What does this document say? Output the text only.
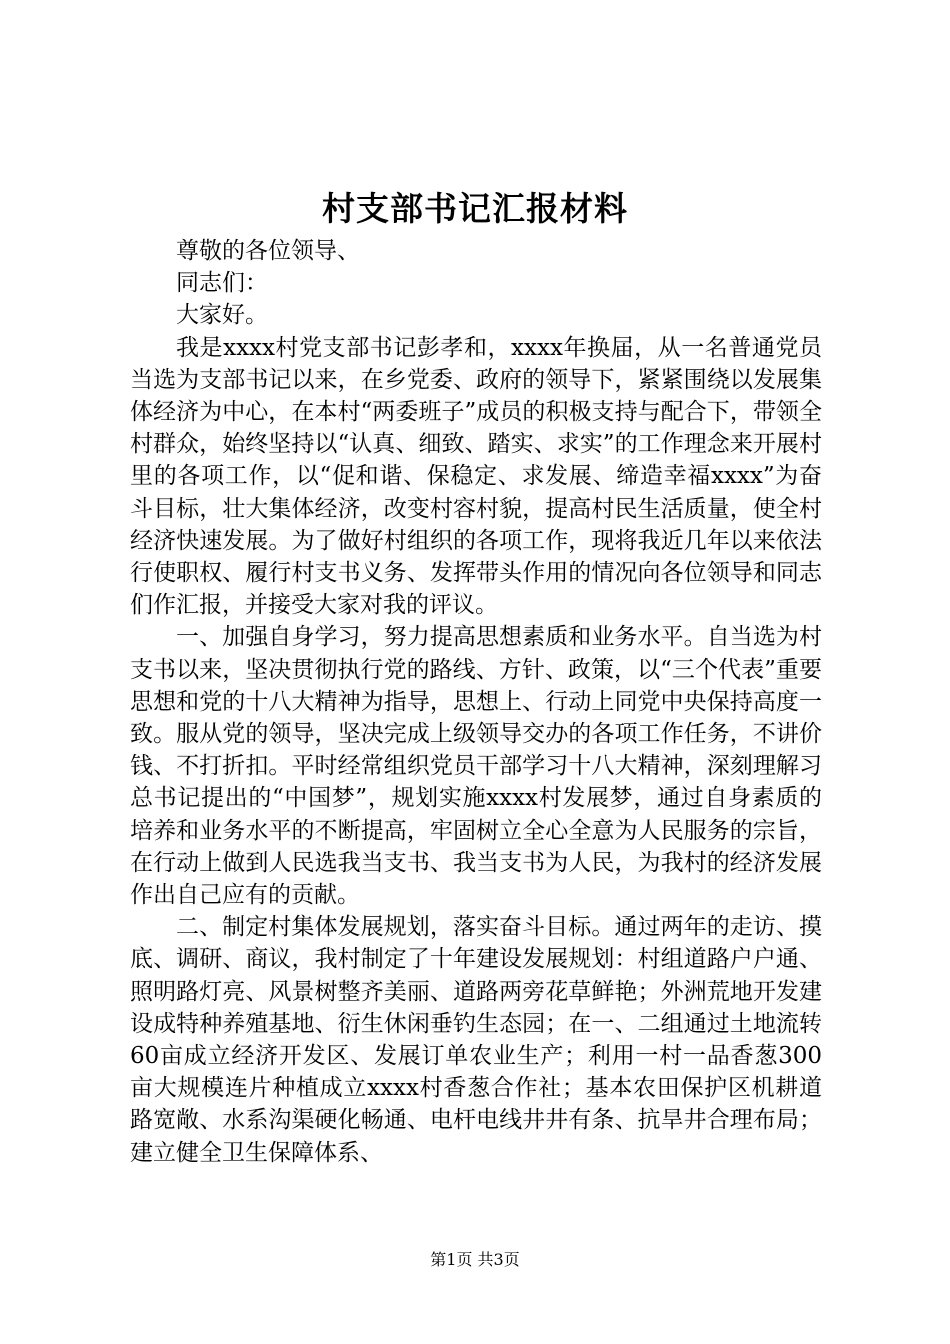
村支部书记汇报材料

尊敬的各位领导、

同志们：

大家好。

我是xxxx村党支部书记彭孝和，xxxx年换届，从一名普通党员当选为支部书记以来，在乡党委、政府的领导下，紧紧围绕以发展集体经济为中心，在本村“两委班子”成员的积极支持与配合下，带领全村群众，始终坚持以“认真、细致、踏实、求实”的工作理念来开展村里的各项工作，以“促和谐、保稳定、求发展、缔造幸福xxxx”为奋斗目标，壮大集体经济，改变村容村貌，提高村民生活质量，使全村经济快速发展。为了做好村组织的各项工作，现将我近几年以来依法行使职权、履行村支书义务、发挥带头作用的情况向各位领导和同志们作汇报，并接受大家对我的评议。

一、加强自身学习，努力提高思想素质和业务水平。自当选为村支书以来，坚决贯彻执行党的路线、方针、政策，以“三个代表”重要思想和党的十八大精神为指导，思想上、行动上同党中央保持高度一致。服从党的领导，坚决完成上级领导交办的各项工作任务，不讲价钱、不打折扣。平时经常组织党员干部学习十八大精神，深刻理解习总书记提出的“中国梦”，规划实施xxxx村发展梦，通过自身素质的培养和业务水平的不断提高，牢固树立全心全意为人民服务的宗旨，在行动上做到人民选我当支书、我当支书为人民，为我村的经济发展作出自己应有的贡献。

二、制定村集体发展规划，落实奋斗目标。通过两年的走访、摸底、调研、商议，我村制定了十年建设发展规划：村组道路户户通、照明路灯亮、风景树整齐美丽、道路两旁花草鲜艳；外洲荒地开发建设成特种养殖基地、衍生休闲垂钓生态园；在一、二组通过土地流转60亩成立经济开发区、发展订单农业生产；利用一村一品香葱300亩大规模连片种植成立xxxx村香葱合作社；基本农田保护区机耕道路宽敞、水系沟渠硬化畅通、电杆电线井井有条、抗旱井合理布局；建立健全卫生保障体系、

第1页 共3页
